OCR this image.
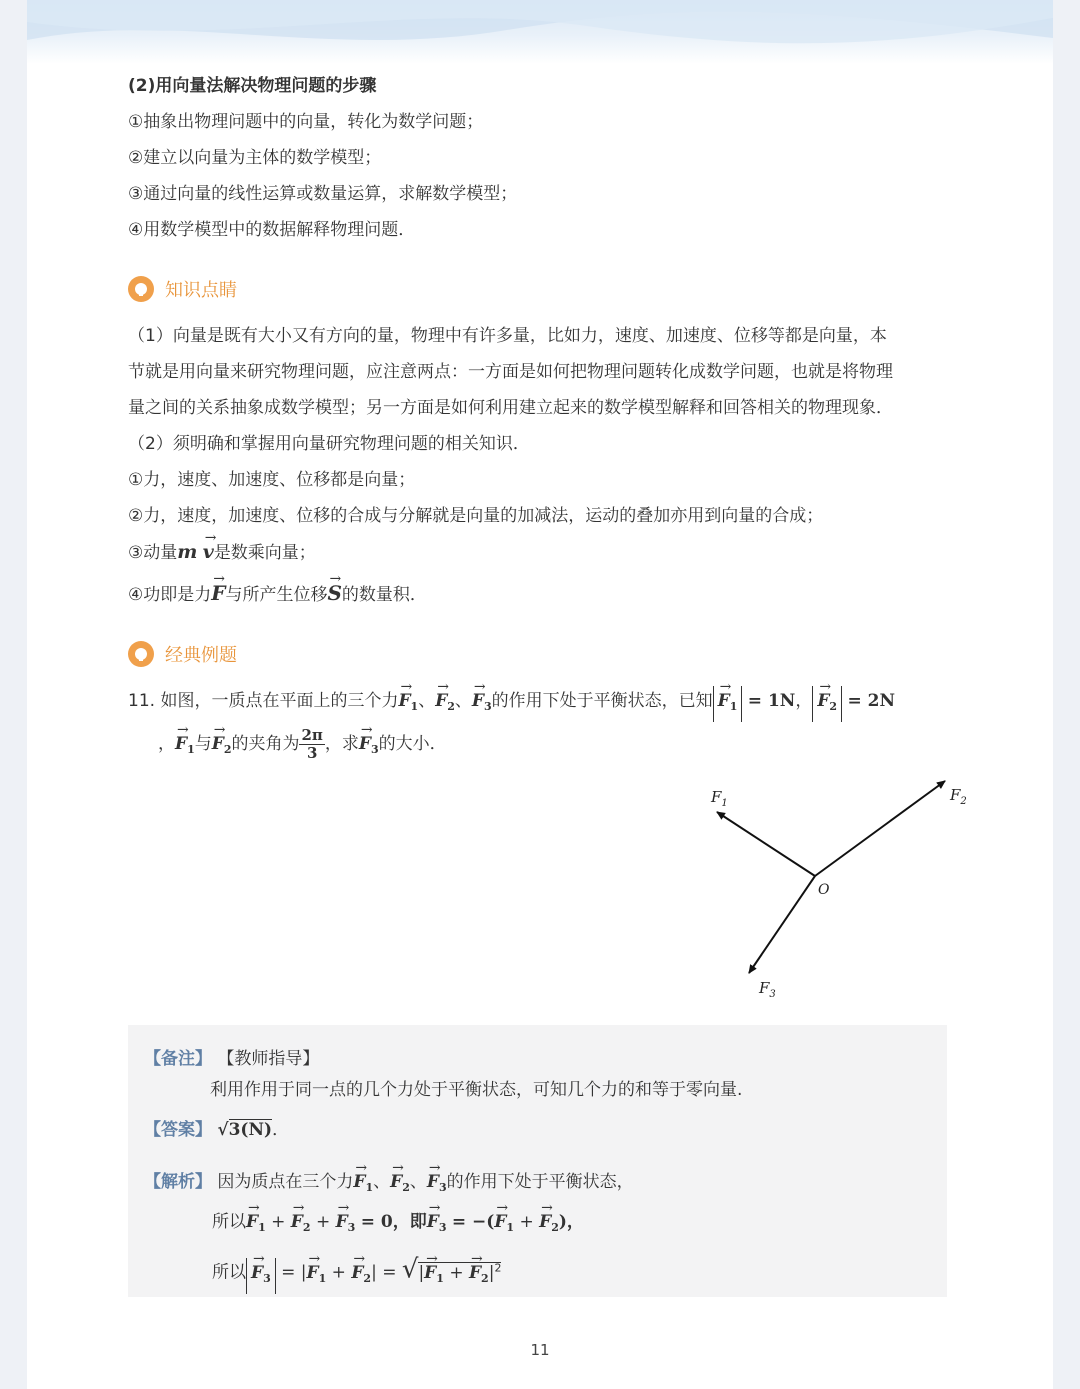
(2)用向量法解决物理问题的步骤
①抽象出物理问题中的向量，转化为数学问题；
②建立以向量为主体的数学模型；
③通过向量的线性运算或数量运算，求解数学模型；
④用数学模型中的数据解释物理问题．
知识点睛
（1）向量是既有大小又有方向的量，物理中有许多量，比如力，速度、加速度、位移等都是向量，本
节就是用向量来研究物理问题，应注意两点：一方面是如何把物理问题转化成数学问题，也就是将物理
量之间的关系抽象成数学模型；另一方面是如何利用建立起来的数学模型解释和回答相关的物理现象．
（2）须明确和掌握用向量研究物理问题的相关知识．
①力，速度、加速度、位移都是向量；
②力，速度，加速度、位移的合成与分解就是向量的加减法，运动的叠加亦用到向量的合成；
③动量m → v是数乘向量；
④功即是力→ F与所产生位移→ S的数量积．
经典例题
11. 如图，一质点在平面上的三个力→ $F_1$、→ $F_2$、→ $F_3$的作用下处于平衡状态，已知 → $F_1 = 1N$， → $F_2 = 2N$
，→ $F_1$与→ $F_2$的夹角为 $\frac{2\pi}{3}$ ，求→ $F_3$的大小．
$F_1$	$F_2$
$F_3$
O
【备注】 【教师指导】
利用作用于同一点的几个力处于平衡状态，可知几个力的和等于零向量.
【答案】 √3(N)．
【解析】 因为质点在三个力→ $F_1$、→ $F_2$、→ $F_3$的作用下处于平衡状态，
所以→ $F_1$ + → $F_2$ + → $F_3 = 0$，即→ $F_3$ = −(→ $F_1$ + → $F_2$)，
所以 → $F_3$ = |→ $F_1$ + → $F_2|$ = √|→ $F_1$ + → $F_2|^2$
11
